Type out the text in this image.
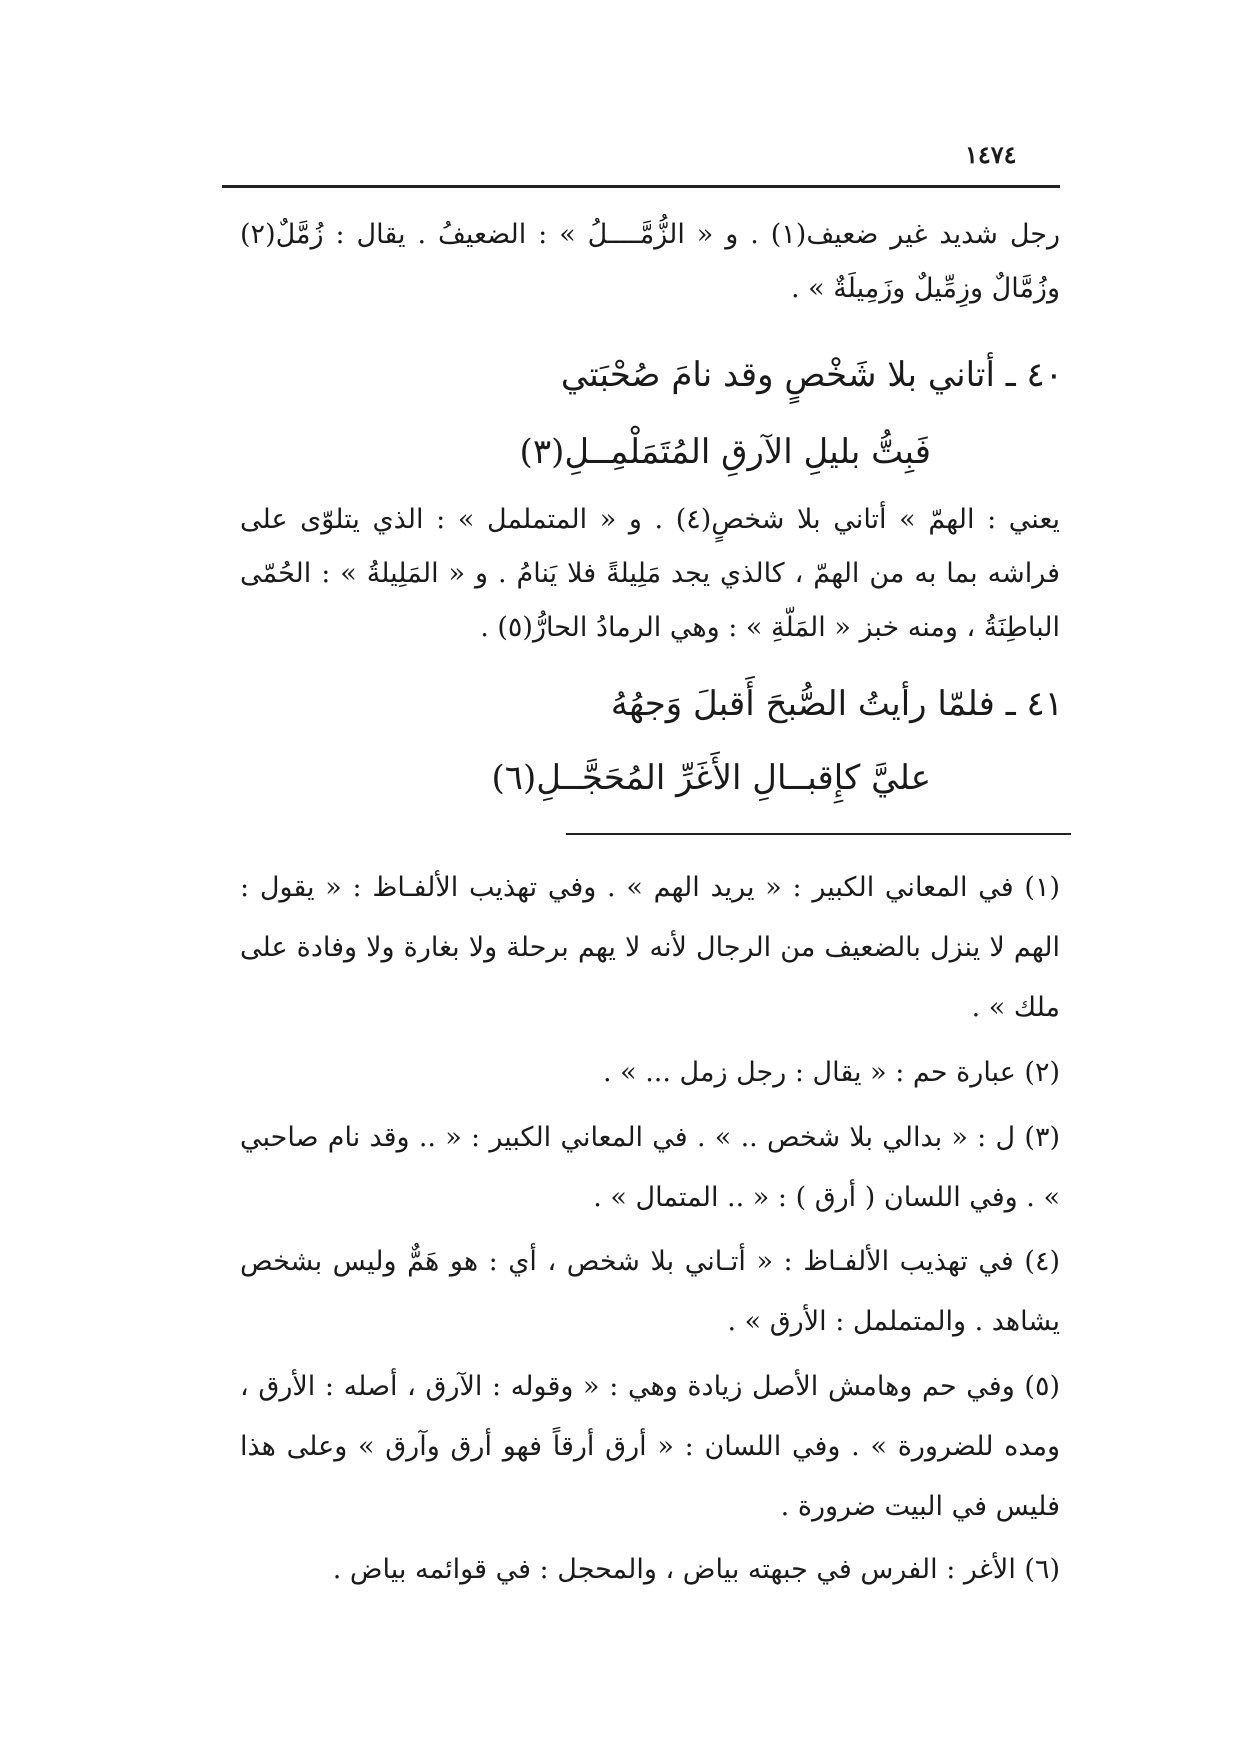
١٤٧٤

رجل شديد غير ضعيف(١) . و « الزُّمَّــــلُ » : الضعيفُ . يقال : زُمَّلٌ(٢) وزُمَّالٌ وزِمِّيلٌ وزَمِيلَةٌ » .

٤٠ ـ أتاني بلا شَخْصٍ وقد نامَ صُحْبَتي
فَبِتُّ بليلِ الآرقِ المُتَمَلْمِــلِ(٣)

يعني : الهمّ » أتاني بلا شخصٍ(٤) . و « المتململ » : الذي يتلوّى على فراشه بما به من الهمّ ، كالذي يجد مَلِيلةً فلا يَنامُ . و « المَلِيلةُ » : الحُمّى الباطِنَةُ ، ومنه خبز « المَلّةِ » : وهي الرمادُ الحارُّ(٥) .

٤١ ـ فلمّا رأيتُ الصُّبحَ أَقبلَ وَجهُهُ
عليَّ كإِقبــالِ الأَغَرِّ المُحَجَّــلِ(٦)

(١) في المعاني الكبير : « يريد الهم » . وفي تهذيب الألفـاظ : « يقول : الهم لا ينزل بالضعيف من الرجال لأنه لا يهم برحلة ولا بغارة ولا وفادة على ملك » .

(٢) عبارة حم : « يقال : رجل زمل ... » .

(٣) ل : « بدالي بلا شخص .. » . في المعاني الكبير : « .. وقد نام صاحبي » . وفي اللسان ( أرق ) : « .. المتمال » .

(٤) في تهذيب الألفـاظ : « أتـاني بلا شخص ، أي : هو هَمٌّ وليس بشخص يشاهد . والمتململ : الأرق » .

(٥) وفي حم وهامش الأصل زيادة وهي : « وقوله : الآرق ، أصله : الأرق ، ومده للضرورة » . وفي اللسان : « أرق أرقاً فهو أرق وآرق » وعلى هذا فليس في البيت ضرورة .

(٦) الأغر : الفرس في جبهته بياض ، والمحجل : في قوائمه بياض .
